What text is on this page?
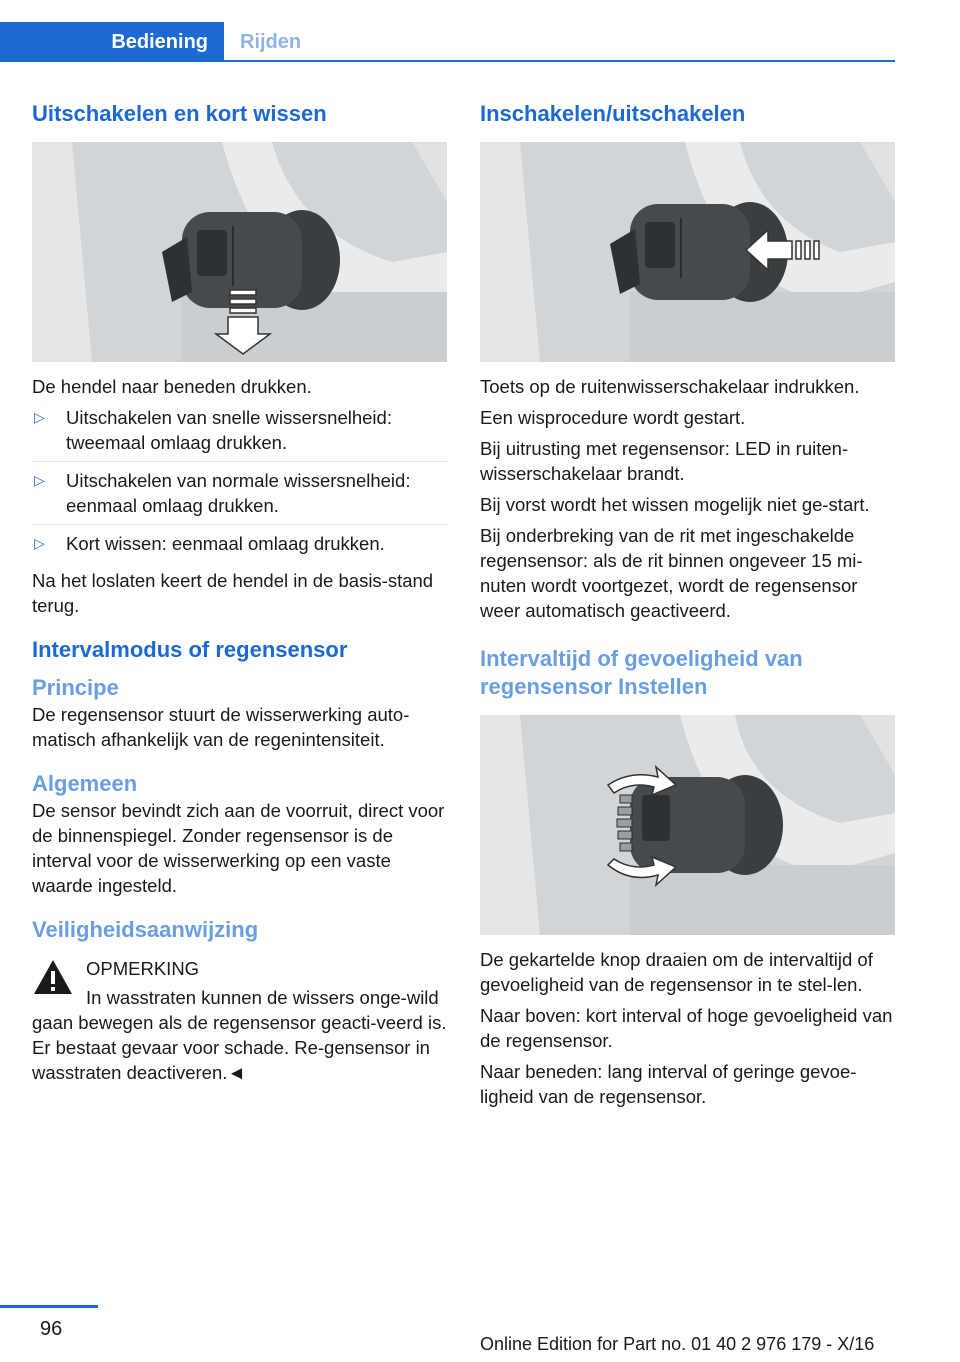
Bediening	Rijden
Uitschakelen en kort wissen

De hendel naar beneden drukken.

▷ Uitschakelen van snelle wissersnelheid: tweemaal omlaag drukken.
▷ Uitschakelen van normale wissersnelheid: eenmaal omlaag drukken.
▷ Kort wissen: eenmaal omlaag drukken.

Na het loslaten keert de hendel in de basis-stand terug.

Intervalmodus of regensensor
Principe

De regensensor stuurt de wisserwerking auto-matisch afhankelijk van de regenintensiteit.

Algemeen

De sensor bevindt zich aan de voorruit, direct voor de binnenspiegel. Zonder regensensor is de interval voor de wisserwerking op een vaste waarde ingesteld.

Veiligheidsaanwijzing
OPMERKING

In wasstraten kunnen de wissers onge-wild gaan bewegen als de regensensor geacti-veerd is. Er bestaat gevaar voor schade. Re-gensensor in wasstraten deactiveren.◄

Inschakelen/uitschakelen

Toets op de ruitenwisserschakelaar indrukken.

Een wisprocedure wordt gestart.

Bij uitrusting met regensensor: LED in ruiten-wisserschakelaar brandt.

Bij vorst wordt het wissen mogelijk niet ge-start.

Bij onderbreking van de rit met ingeschakelde regensensor: als de rit binnen ongeveer 15 mi-nuten wordt voortgezet, wordt de regensensor weer automatisch geactiveerd.

Intervaltijd of gevoeligheid van regensensor Instellen

De gekartelde knop draaien om de intervaltijd of gevoeligheid van de regensensor in te stel-len.

Naar boven: kort interval of hoge gevoeligheid van de regensensor.

Naar beneden: lang interval of geringe gevoe-ligheid van de regensensor.

96
Online Edition for Part no. 01 40 2 976 179 - X/16
